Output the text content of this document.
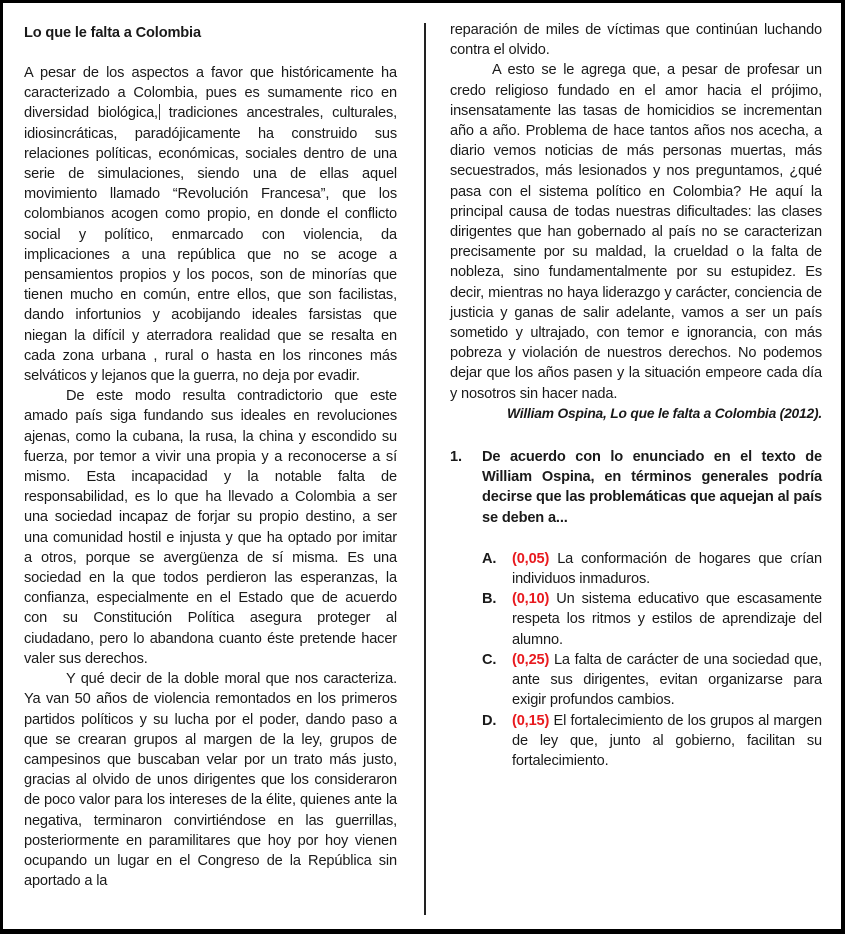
Lo que le falta a Colombia

A pesar de los aspectos a favor que históricamente ha caracterizado a Colombia, pues es sumamente rico en diversidad biológica, tradiciones ancestrales, culturales, idiosincráticas, paradójicamente ha construido sus relaciones políticas, económicas, sociales dentro de una serie de simulaciones, siendo una de ellas aquel movimiento llamado “Revolución Francesa”, que los colombianos acogen como propio, en donde el conflicto social y político, enmarcado con violencia, da implicaciones a una república que no se acoge a pensamientos propios y los pocos, son de minorías que tienen mucho en común, entre ellos, que son facilistas, dando infortunios y acobijando ideales farsistas que niegan la difícil y aterradora realidad que se resalta en cada zona urbana , rural o hasta en los rincones más selváticos y lejanos que la guerra, no deja por evadir.

De este modo resulta contradictorio que este amado país siga fundando sus ideales en revoluciones ajenas, como la cubana, la rusa, la china y escondido su fuerza, por temor a vivir una propia y a reconocerse a sí mismo. Esta incapacidad y la notable falta de responsabilidad, es lo que ha llevado a Colombia a ser una sociedad incapaz de forjar su propio destino, a ser una comunidad hostil e injusta y que ha optado por imitar a otros, porque se avergüenza de sí misma. Es una sociedad en la que todos perdieron las esperanzas, la confianza, especialmente en el Estado que de acuerdo con su Constitución Política asegura proteger al ciudadano, pero lo abandona cuanto éste pretende hacer valer sus derechos.

Y qué decir de la doble moral que nos caracteriza. Ya van 50 años de violencia remontados en los primeros partidos políticos y su lucha por el poder, dando paso a que se crearan grupos al margen de la ley, grupos de campesinos que buscaban velar por un trato más justo, gracias al olvido de unos dirigentes que los consideraron de poco valor para los intereses de la élite, quienes ante la negativa, terminaron convirtiéndose en las guerrillas, posteriormente en paramilitares que hoy por hoy vienen ocupando un lugar en el Congreso de la República sin aportado a la

reparación de miles de víctimas que continúan luchando contra el olvido.

A esto se le agrega que, a pesar de profesar un credo religioso fundado en el amor hacia el prójimo, insensatamente las tasas de homicidios se incrementan año a año. Problema de hace tantos años nos acecha, a diario vemos noticias de más personas muertas, más secuestrados, más lesionados y nos preguntamos, ¿qué pasa con el sistema político en Colombia? He aquí la principal causa de todas nuestras dificultades: las clases dirigentes que han gobernado al país no se caracterizan precisamente por su maldad, la crueldad o la falta de nobleza, sino fundamentalmente por su estupidez. Es decir, mientras no haya liderazgo y carácter, conciencia de justicia y ganas de salir adelante, vamos a ser un país sometido y ultrajado, con temor e ignorancia, con más pobreza y violación de nuestros derechos. No podemos dejar que los años pasen y la situación empeore cada día y nosotros sin hacer nada.

William Ospina, Lo que le falta a Colombia (2012).
1.	De acuerdo con lo enunciado en el texto de William Ospina, en términos generales podría decirse que las problemáticas que aquejan al país se deben a...
A.	(0,05) La conformación de hogares que crían individuos inmaduros.
B.	(0,10) Un sistema educativo que escasamente respeta los ritmos y estilos de aprendizaje del alumno.
C.	(0,25) La falta de carácter de una sociedad que, ante sus dirigentes, evitan organizarse para exigir profundos cambios.
D.	(0,15) El fortalecimiento de los grupos al margen de ley que, junto al gobierno, facilitan su fortalecimiento.
